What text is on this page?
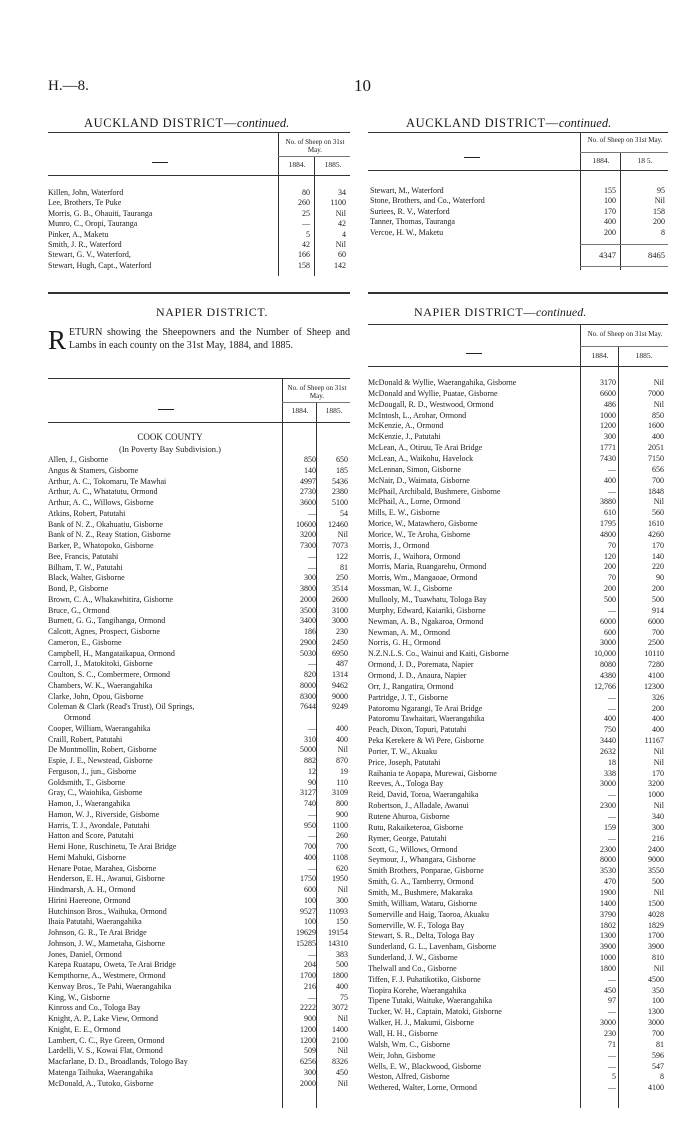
H.—8.	10
AUCKLAND DISTRICT—continued.
No. of Sheep on 31st May.
1884.	1885.
Killen, John, Waterford	80	34
Lee, Brothers, Te Puke	260	1100
Morris, G. B., Ohauiti, Tauranga	25	Nil
Munro, C., Oropi, Tauranga	—	42
Pinker, A., Maketu	5	4
Smith, J. R., Waterford	42	Nil
Stewart, G. V., Waterford,	166	60
Stewart, Hugh, Capt., Waterford	158	142
AUCKLAND DISTRICT—continued.
No. of Sheep on 31st May.
1884.	18 5.
Stewart, M., Waterford	155	95
Stone, Brothers, and Co., Waterford	100	Nil
Surtees, R. V., Waterford	170	158
Tanner, Thomas, Tauranga	400	200
Vercoe, H. W., Maketu	200	8
4347	8465
NAPIER DISTRICT.
RETURN showing the Sheepowners and the Number of Sheep and Lambs in each county on the 31st May, 1884, and 1885.
No. of Sheep on 31st May.
1884.	1885.
COOK COUNTY
(In Poverty Bay Subdivision.)
Allen, J., Gisborne	850	650
Angus & Stamers, Gisborne	140	185
Arthur, A. C., Tokomaru, Te Mawhai	4997	5436
Arthur, A. C., Whatatutu, Ormond	2730	2380
Arthur, A. C., Willows, Gisborne	3600	5100
Atkins, Robert, Patutahi	—	54
Bank of N. Z., Okahuatiu, Gisborne	10600	12460
Bank of N. Z., Reay Station, Gisborne	3200	Nil
Barker, P., Whatopoko, Gisborne	7300	7073
Bee, Francis, Patutahi	—	122
Bilham, T. W., Patutahi	—	81
Black, Walter, Gisborne	300	250
Bond, P., Gisborne	3800	3514
Brown, C. A., Whakawhitira, Gisborne	2000	2600
Bruce, G., Ormond	3500	3100
Burnett, G. G., Tangihanga, Ormond	3400	3000
Calcott, Agnes, Prospect, Gisborne	186	230
Cameron, E., Gisborne	2900	2450
Campbell, H., Mangataikapua, Ormond	5030	6950
Carroll, J., Matokitoki, Gisborne	—	487
Coulton, S. C., Combermere, Ormond	820	1314
Chambers, W. K., Waerangahika	8000	9462
Clarke, John, Opou, Gisborne	8300	9000
Coleman & Clark (Read's Trust), Oil Springs,	7644	9249
Ormond
Cooper, William, Waerangahika	—	400
Craill, Robert, Patutahi	310	400
De Montmollin, Robert, Gisborne	5000	Nil
Espie, J. E., Newstead, Gisborne	882	870
Ferguson, J., jun., Gisborne	12	19
Goldsmith, T., Gisborne	90	110
Gray, C., Waiohika, Gisborne	3127	3109
Hamon, J., Waerangahika	740	800
Hamon, W. J., Riverside, Gisborne	—	900
Harris, T. J., Avondale, Patutahi	950	1100
Hatton and Score, Patutahi	—	260
Hemi Hone, Ruschinetu, Te Arai Bridge	700	700
Hemi Mahuki, Gisborne	400	1108
Henare Potae, Marahea, Gisborne	—	620
Henderson, E. H., Awanui, Gisborne	1750	1950
Hindmarsh, A. H., Ormond	600	Nil
Hirini Haereone, Ormond	100	300
Hutchinson Bros., Waihuka, Ormond	9527	11093
Ihaia Patutahi, Waerangahika	100	150
Johnson, G. R., Te Arai Bridge	19629	19154
Johnson, J. W., Mametaha, Gisborne	15285	14310
Jones, Daniel, Ormond	—	383
Karepa Ruatapu, Oweta, Te Arai Bridge	204	500
Kempthorne, A., Westmere, Ormond	1700	1800
Kenway Bros., Te Pahi, Waerangahika	216	400
King, W., Gisborne	—	75
Kinross and Co., Tologa Bay	2222	3072
Knight, A. P., Lake View, Ormond	900	Nil
Knight, E. E., Ormond	1200	1400
Lambert, C. C., Rye Green, Ormond	1200	2100
Lardelli, V. S., Kowai Flat, Ormond	509	Nil
Macfarlane, D. D., Broadlands, Tologo Bay	6256	8326
Matenga Taihuka, Waerangahika	300	450
McDonald, A., Tutoko, Gisborne	2000	Nil
NAPIER DISTRICT—continued.
No. of Sheep on 31st May.
1884.	1885.
McDonald & Wyllie, Waerangahika, Gisborne	3170	Nil
McDonald and Wyllie, Puatae, Gisborne	6600	7000
McDougall, R. D., Westwood, Ormond	486	Nil
McIntosh, L., Arohar, Ormond	1000	850
McKenzie, A., Ormond	1200	1600
McKenzie, J., Patutahi	300	400
McLean, A., Otiruu, Te Arai Bridge	1771	2051
McLean, A., Waikohu, Havelock	7430	7150
McLennan, Simon, Gisborne	—	656
McNair, D., Waimata, Gisborne	400	700
McPhail, Archibald, Bushmere, Gisborne	—	1848
McPhail, A., Lorne, Ormond	3880	Nil
Mills, E. W., Gisborne	610	560
Morice, W., Matawhero, Gisborne	1795	1610
Morice, W., Te Aroha, Gisborne	4800	4260
Morris, J., Ormond	70	170
Morris, J., Waihora, Ormond	120	140
Morris, Maria, Ruangarehu, Ormond	200	220
Morris, Wm., Mangaoae, Ormond	70	90
Mossman, W. J., Gisborne	200	200
Mullooly, M., Tuawhatu, Tologa Bay	500	500
Murphy, Edward, Kaiariki, Gisborne	—	914
Newman, A. B., Ngakaroa, Ormond	6000	6000
Newman, A. M., Ormond	600	700
Norris, G. H., Ormond	3000	2500
N.Z.N.L.S. Co., Wainui and Kaiti, Gisborne	10,000	10110
Ormond, J. D., Poremata, Napier	8080	7280
Ormond, J. D., Anaura, Napier	4380	4100
Orr, J., Rangatira, Ormond	12,766	12300
Partridge, J. T., Gisborne	—	326
Patoromu Ngarangi, Te Arai Bridge	—	200
Patoromu Tawhaitari, Waerangahika	400	400
Peach, Dixon, Topuri, Patutahi	750	400
Peka Kerekere & Wi Pere, Gisborne	3440	11167
Porter, T. W., Akuaku	2632	Nil
Price, Joseph, Patutahi	18	Nil
Raihania te Aopapa, Murewai, Gisborne	338	170
Reeves, A., Tologa Bay	3000	3200
Reid, David, Toroa, Waerangahika	—	1000
Robertson, J., Alladale, Awanui	2300	Nil
Rutene Ahuroa, Gisborne	—	340
Rutu, Rakaiketeroa, Gisborne	159	300
Rymer, George, Patutahi	—	216
Scott, G., Willows, Ormond	2300	2400
Seymour, J., Whangara, Gisborne	8000	9000
Smith Brothers, Ponparae, Gisborne	3530	3550
Smith, G. A., Tarnberry, Ormond	470	500
Smith, M., Bushmere, Makaraka	1900	Nil
Smith, William, Wataru, Gisborne	1400	1500
Somerville and Haig, Taoroa, Akuaku	3790	4028
Somerville, W. F., Tologa Bay	1802	1829
Stewart, S. R., Delta, Tologa Bay	1300	1700
Sunderland, G. L., Lavenham, Gisborne	3900	3900
Sunderland, J. W., Gisborne	1000	810
Thelwall and Co., Gisborne	1800	Nil
Tiffen, F. J. Puhatikotiko, Gisborne	—	4500
Tiopira Korehe, Waerangahika	450	350
Tipene Tutaki, Waituke, Waerangahika	97	100
Tucker, W. H., Captain, Matoki, Gisborne	—	1300
Walker, H. J., Makumi, Gisborne	3000	3000
Wall, H. H., Gisborne	230	700
Walsh, Wm. C., Gisborne	71	81
Weir, John, Gisborne	—	596
Wells, E. W., Blackwood, Gisborne	—	547
Weston, Alfred, Gisborne	5	8
Wethered, Walter, Lorne, Ormond	—	4100
